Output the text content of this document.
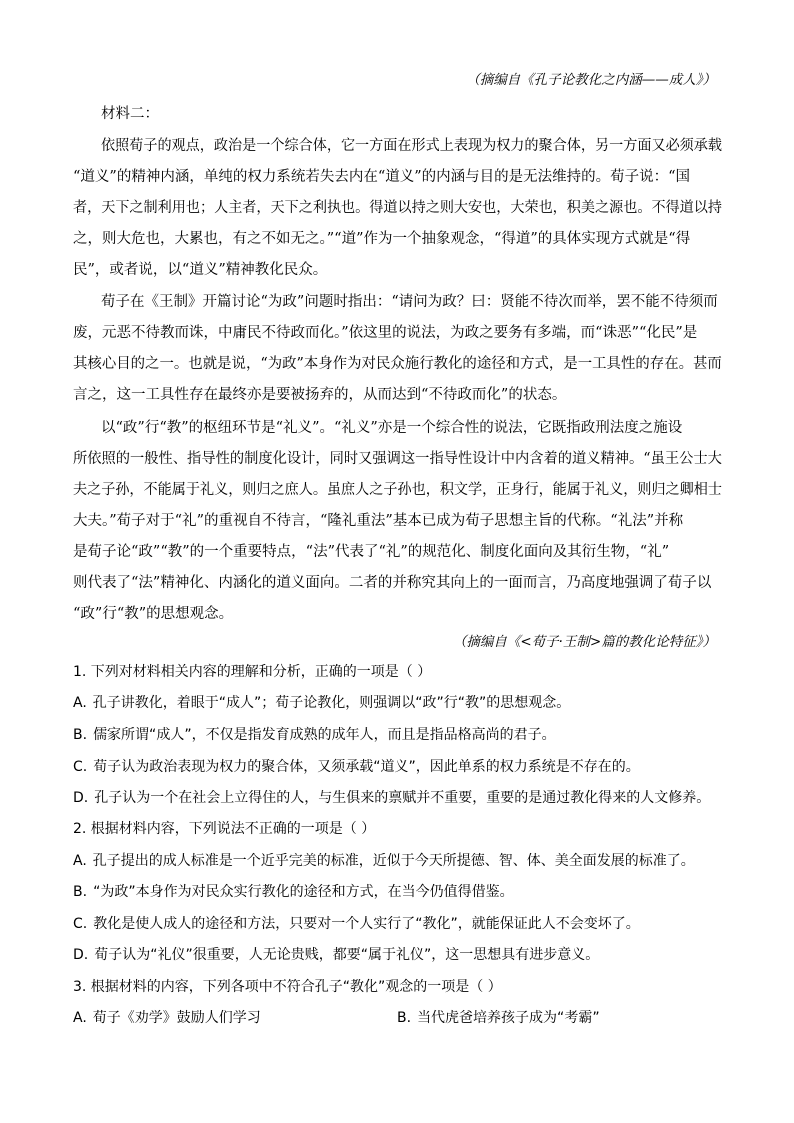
（摘编自《孔子论教化之内涵——成人》）
材料二：
依照荀子的观点，政治是一个综合体，它一方面在形式上表现为权力的聚合体，另一方面又必须承载
“道义”的精神内涵，单纯的权力系统若失去内在“道义”的内涵与目的是无法维持的。荀子说：“国
者，天下之制利用也；人主者，天下之利执也。得道以持之则大安也，大荣也，积美之源也。不得道以持
之，则大危也，大累也，有之不如无之。”“道”作为一个抽象观念，“得道”的具体实现方式就是“得
民”，或者说，以“道义”精神教化民众。
荀子在《王制》开篇讨论“为政”问题时指出：“请问为政？曰：贤能不待次而举，罢不能不待须而
废，元恶不待教而诛，中庸民不待政而化。”依这里的说法，为政之要务有多端，而“诛恶”“化民”是
其核心目的之一。也就是说，“为政”本身作为对民众施行教化的途径和方式，是一工具性的存在。甚而
言之，这一工具性存在最终亦是要被扬弃的，从而达到“不待政而化”的状态。
以“政”行“教”的枢纽环节是“礼义”。“礼义”亦是一个综合性的说法，它既指政刑法度之施设
所依照的一般性、指导性的制度化设计，同时又强调这一指导性设计中内含着的道义精神。“虽王公士大
夫之子孙，不能属于礼义，则归之庶人。虽庶人之子孙也，积文学，正身行，能属于礼义，则归之卿相士
大夫。”荀子对于“礼”的重视自不待言，“隆礼重法”基本已成为荀子思想主旨的代称。“礼法”并称
是荀子论“政”“教”的一个重要特点，“法”代表了“礼”的规范化、制度化面向及其衍生物，“礼”
则代表了“法”精神化、内涵化的道义面向。二者的并称究其向上的一面而言，乃高度地强调了荀子以
“政”行“教”的思想观念。
（摘编自《<荀子·王制>篇的教化论特征》）
1. 下列对材料相关内容的理解和分析，正确的一项是（ ）
A. 孔子讲教化，着眼于“成人”；荀子论教化，则强调以“政”行“教”的思想观念。
B. 儒家所谓“成人”，不仅是指发育成熟的成年人，而且是指品格高尚的君子。
C. 荀子认为政治表现为权力的聚合体，又须承载“道义”，因此单系的权力系统是不存在的。
D. 孔子认为一个在社会上立得住的人，与生俱来的禀赋并不重要，重要的是通过教化得来的人文修养。
2. 根据材料内容，下列说法不正确的一项是（ ）
A. 孔子提出的成人标准是一个近乎完美的标准，近似于今天所提德、智、体、美全面发展的标准了。
B. “为政”本身作为对民众实行教化的途径和方式，在当今仍值得借鉴。
C. 教化是使人成人的途径和方法，只要对一个人实行了“教化”，就能保证此人不会变坏了。
D. 荀子认为“礼仪”很重要，人无论贵贱，都要“属于礼仪”，这一思想具有进步意义。
3. 根据材料的内容，下列各项中不符合孔子“教化”观念的一项是（ ）
A. 荀子《劝学》鼓励人们学习	B. 当代虎爸培养孩子成为“考霸”
